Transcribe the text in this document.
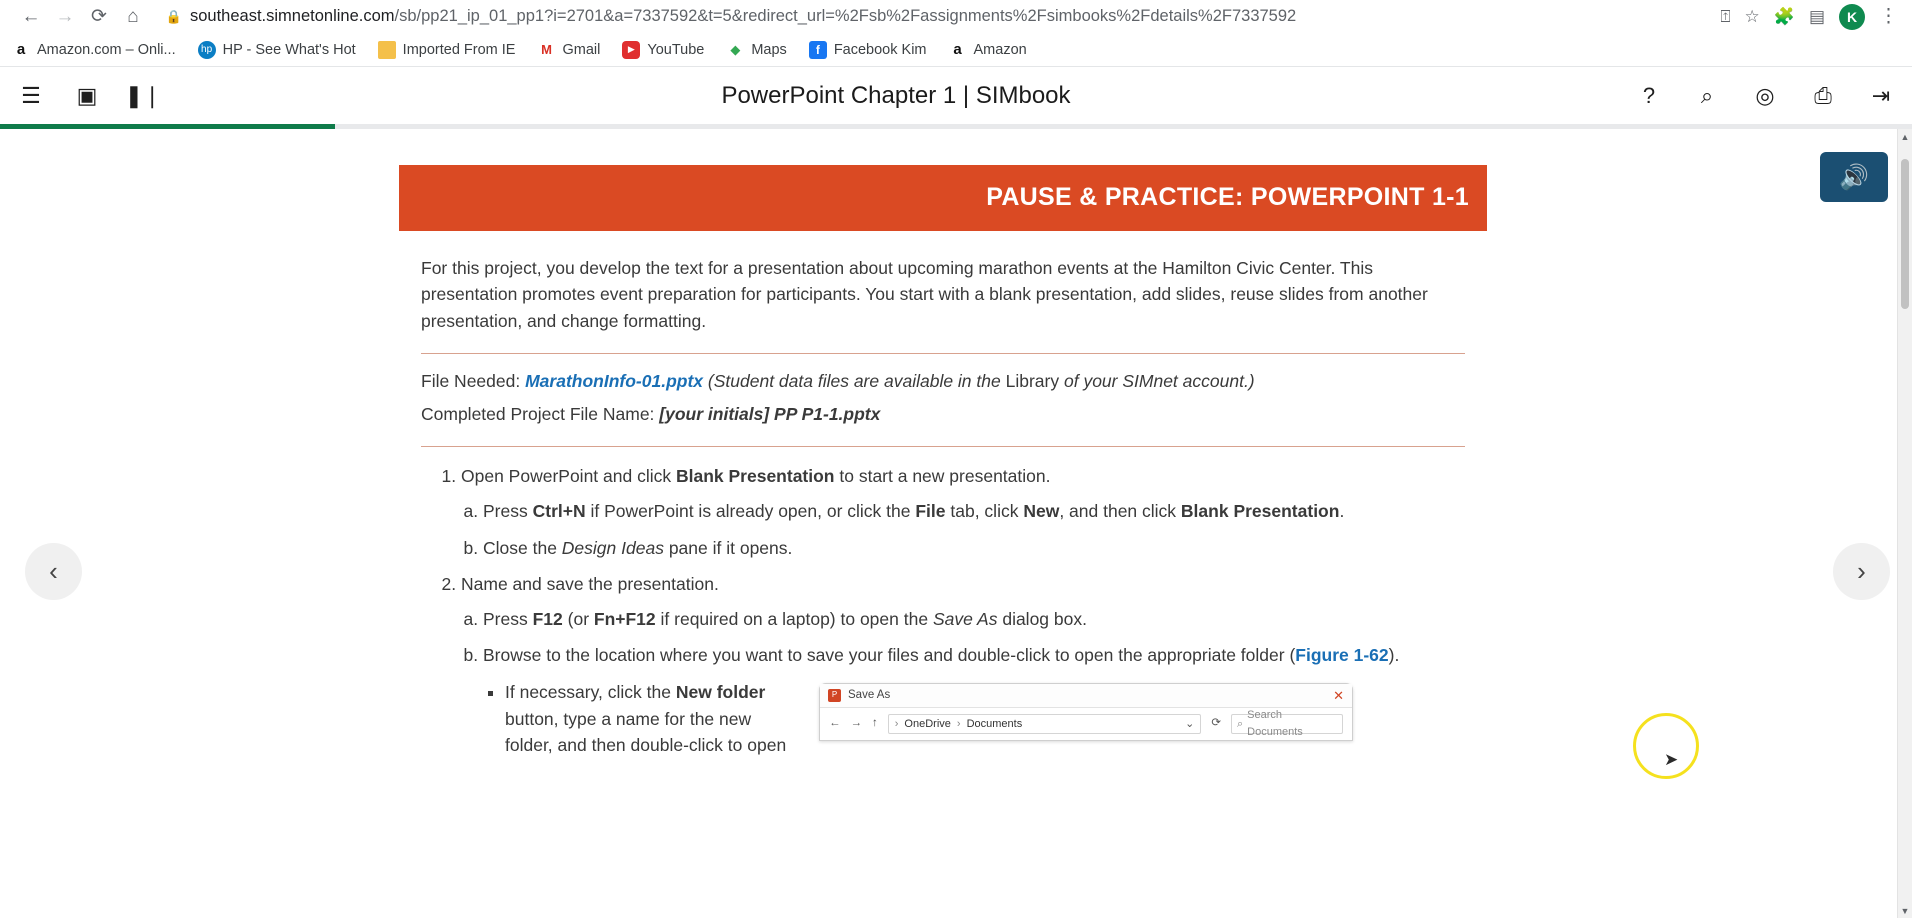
← → ⟳	⌂	🔒 southeast.simnetonline.com /sb/pp21_ip_01_pp1?i=2701&a=7337592&t=5&redirect_url=%2Fsb%2Fassignments%2Fsimbooks%2Fdetails%2F7337592	⍐ ☆ 🧩 ▤	K	⋮
a Amazon.com – Onli...	hp HP - See What's Hot	Imported From IE M Gmail	▶ YouTube	◆ Maps	f Facebook Kim	a Amazon
☰ ▣ ❚❘	PowerPoint Chapter 1 | SIMbook	?	⌕	◎ ⎙ ⇥
PAUSE & PRACTICE: POWERPOINT 1-1

For this project, you develop the text for a presentation about upcoming marathon events at the Hamilton Civic Center. This presentation promotes event preparation for participants. You start with a blank presentation, add slides, reuse slides from another presentation, and change formatting.

File Needed: MarathonInfo-01.pptx (Student data files are available in the Library of your SIMnet account.)

Completed Project File Name: [your initials] PP P1-1.pptx

1. Open PowerPoint and click Blank Presentation to start a new presentation.
a. Press Ctrl+N if PowerPoint is already open, or click the File tab, click New, and then click Blank Presentation.
b. Close the Design Ideas pane if it opens.
2. Name and save the presentation.
a. Press F12 (or Fn+F12 if required on a laptop) to open the Save As dialog box.
b. Browse to the location where you want to save your files and double-click to open the appropriate folder (Figure 1-62).
▪ If necessary, click the New folder button, type a name for the new folder, and then double-click to open
P Save As	✕
← → ↑ › OneDrive › Documents	⌄ ⟳ ⌕
Search Documents
‹	›
🔊
➤
▲
▼
